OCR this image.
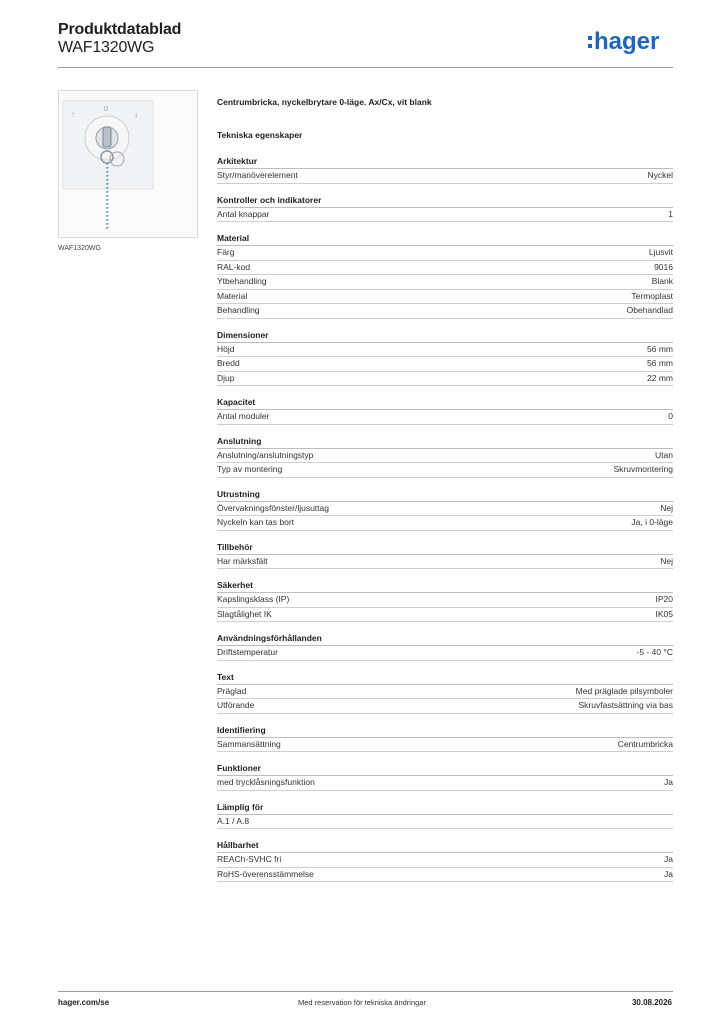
Produktdatablad
WAF1320WG	hager
↑
0
↓
WAF1320WG
Centrumbricka, nyckelbrytare 0-läge. Ax/Cx, vit blank
Tekniska egenskaper
Arkitektur
Styr/manöverelement	Nyckel
Kontroller och indikatorer
Antal knappar	1
Material
Färg	Ljusvit
RAL-kod	9016
Ytbehandling	Blank
Material	Termoplast
Behandling	Obehandlad
Dimensioner
Höjd	56 mm
Bredd	56 mm
Djup	22 mm
Kapacitet
Antal moduler	0
Anslutning
Anslutning/anslutningstyp	Utan
Typ av montering	Skruvmontering
Utrustning
Övervakningsfönster/ljusuttag	Nej
Nyckeln kan tas bort	Ja, i 0-läge
Tillbehör
Har märksfält	Nej
Säkerhet
Kapslingsklass (IP)	IP20
Slagtålighet IK	IK05
Användningsförhållanden
Driftstemperatur	-5 - 40 °C
Text
Präglad	Med präglade pilsymboler
Utförande	Skruvfastsättning via bas
Identifiering
Sammansättning	Centrumbricka
Funktioner
med trycklåsningsfunktion	Ja
Lämplig för
A.1 / A.8
Hållbarhet
REACh-SVHC fri	Ja
RoHS-överensstämmelse	Ja
hager.com/se	Med reservation för tekniska ändringar	30.08.2026
